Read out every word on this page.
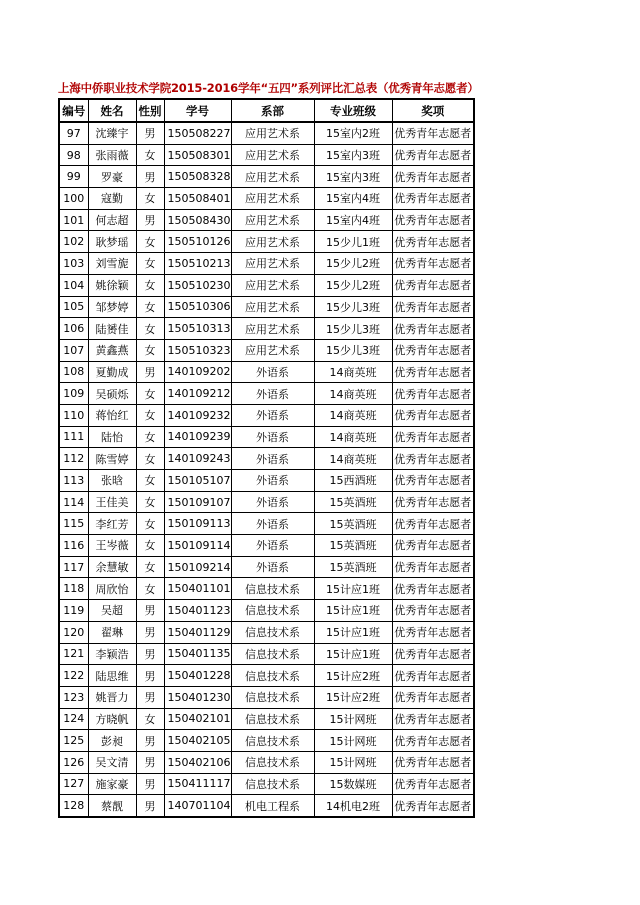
上海中侨职业技术学院2015-2016学年“五四”系列评比汇总表（优秀青年志愿者）
编号	姓名	性别	学号	系部	专业班级	奖项
97	沈臻宇	男	150508227	应用艺术系	15室内2班	优秀青年志愿者
98	张雨薇	女	150508301	应用艺术系	15室内3班	优秀青年志愿者
99	罗豪	男	150508328	应用艺术系	15室内3班	优秀青年志愿者
100	寇勤	女	150508401	应用艺术系	15室内4班	优秀青年志愿者
101	何志超	男	150508430	应用艺术系	15室内4班	优秀青年志愿者
102	耿梦瑶	女	150510126	应用艺术系	15少儿1班	优秀青年志愿者
103	刘雪旎	女	150510213	应用艺术系	15少儿2班	优秀青年志愿者
104	姚徐颖	女	150510230	应用艺术系	15少儿2班	优秀青年志愿者
105	邹梦婷	女	150510306	应用艺术系	15少儿3班	优秀青年志愿者
106	陆赟佳	女	150510313	应用艺术系	15少儿3班	优秀青年志愿者
107	黄鑫燕	女	150510323	应用艺术系	15少儿3班	优秀青年志愿者
108	夏勤成	男	140109202	外语系	14商英班	优秀青年志愿者
109	吴硕烁	女	140109212	外语系	14商英班	优秀青年志愿者
110	蒋怡红	女	140109232	外语系	14商英班	优秀青年志愿者
111	陆怡	女	140109239	外语系	14商英班	优秀青年志愿者
112	陈雪婷	女	140109243	外语系	14商英班	优秀青年志愿者
113	张晗	女	150105107	外语系	15西酒班	优秀青年志愿者
114	王佳美	女	150109107	外语系	15英酒班	优秀青年志愿者
115	李红芳	女	150109113	外语系	15英酒班	优秀青年志愿者
116	王岑薇	女	150109114	外语系	15英酒班	优秀青年志愿者
117	余慧敏	女	150109214	外语系	15英酒班	优秀青年志愿者
118	周欣怡	女	150401101	信息技术系	15计应1班	优秀青年志愿者
119	吴超	男	150401123	信息技术系	15计应1班	优秀青年志愿者
120	翟琳	男	150401129	信息技术系	15计应1班	优秀青年志愿者
121	李颖浩	男	150401135	信息技术系	15计应1班	优秀青年志愿者
122	陆思维	男	150401228	信息技术系	15计应2班	优秀青年志愿者
123	姚晋力	男	150401230	信息技术系	15计应2班	优秀青年志愿者
124	方晓帆	女	150402101	信息技术系	15计网班	优秀青年志愿者
125	彭昶	男	150402105	信息技术系	15计网班	优秀青年志愿者
126	吴文清	男	150402106	信息技术系	15计网班	优秀青年志愿者
127	施家豪	男	150411117	信息技术系	15数媒班	优秀青年志愿者
128	蔡靓	男	140701104	机电工程系	14机电2班	优秀青年志愿者
